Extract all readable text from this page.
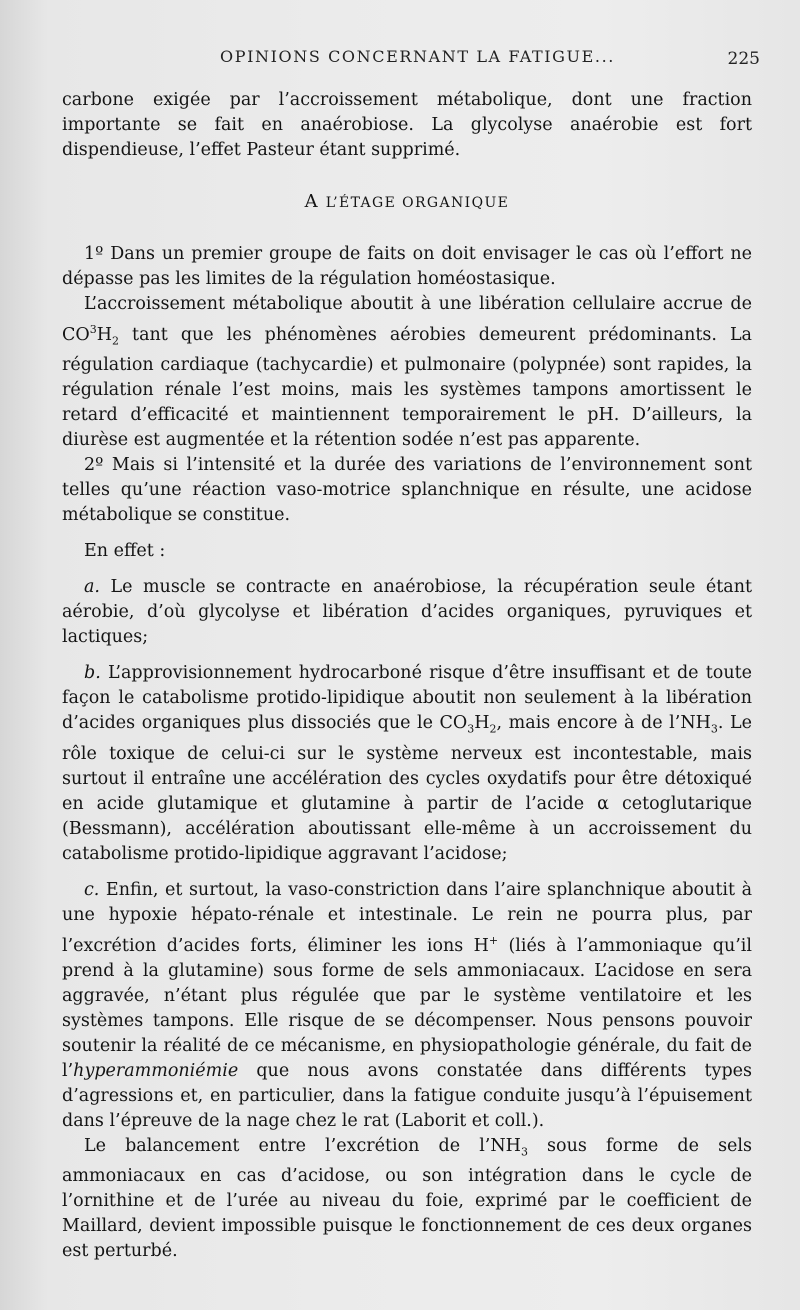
OPINIONS CONCERNANT LA FATIGUE...	225

carbone exigée par l’accroissement métabolique, dont une fraction importante se fait en anaérobiose. La glycolyse anaérobie est fort dispendieuse, l’effet Pasteur étant supprimé.

A L’ÉTAGE ORGANIQUE

1º Dans un premier groupe de faits on doit envisager le cas où l’effort ne dépasse pas les limites de la régulation homéostasique.

L’accroissement métabolique aboutit à une libération cellulaire accrue de $CO^3H_2$ tant que les phénomènes aérobies demeurent prédominants. La régulation cardiaque (tachycardie) et pulmonaire (polypnée) sont rapides, la régulation rénale l’est moins, mais les systèmes tampons amortissent le retard d’efficacité et maintiennent temporairement le pH. D’ailleurs, la diurèse est augmentée et la rétention sodée n’est pas apparente.

2º Mais si l’intensité et la durée des variations de l’environnement sont telles qu’une réaction vaso-motrice splanchnique en résulte, une acidose métabolique se constitue.

En effet :

a. Le muscle se contracte en anaérobiose, la récupération seule étant aérobie, d’où glycolyse et libération d’acides organiques, pyruviques et lactiques;

b. L’approvisionnement hydrocarboné risque d’être insuffisant et de toute façon le catabolisme protido-lipidique aboutit non seulement à la libération d’acides organiques plus dissociés que le $CO_3H_2$, mais encore à de $l’NH_3$. Le rôle toxique de celui-ci sur le système nerveux est incontestable, mais surtout il entraîne une accélération des cycles oxydatifs pour être détoxiqué en acide glutamique et glutamine à partir de l’acide α cetoglutarique (Bessmann), accélération aboutissant elle-même à un accroissement du catabolisme protido-lipidique aggravant l’acidose;

c. Enfin, et surtout, la vaso-constriction dans l’aire splanchnique aboutit à une hypoxie hépato-rénale et intestinale. Le rein ne pourra plus, par l’excrétion d’acides forts, éliminer les ions H+ (liés à l’ammoniaque qu’il prend à la glutamine) sous forme de sels ammoniacaux. L’acidose en sera aggravée, n’étant plus régulée que par le système ventilatoire et les systèmes tampons. Elle risque de se décompenser. Nous pensons pouvoir soutenir la réalité de ce mécanisme, en physiopathologie générale, du fait de l’hyperammoniémie que nous avons constatée dans différents types d’agressions et, en particulier, dans la fatigue conduite jusqu’à l’épuisement dans l’épreuve de la nage chez le rat (Laborit et coll.).

Le balancement entre l’excrétion de $l’NH_3$ sous forme de sels ammoniacaux en cas d’acidose, ou son intégration dans le cycle de l’ornithine et de l’urée au niveau du foie, exprimé par le coefficient de Maillard, devient impossible puisque le fonctionnement de ces deux organes est perturbé.
